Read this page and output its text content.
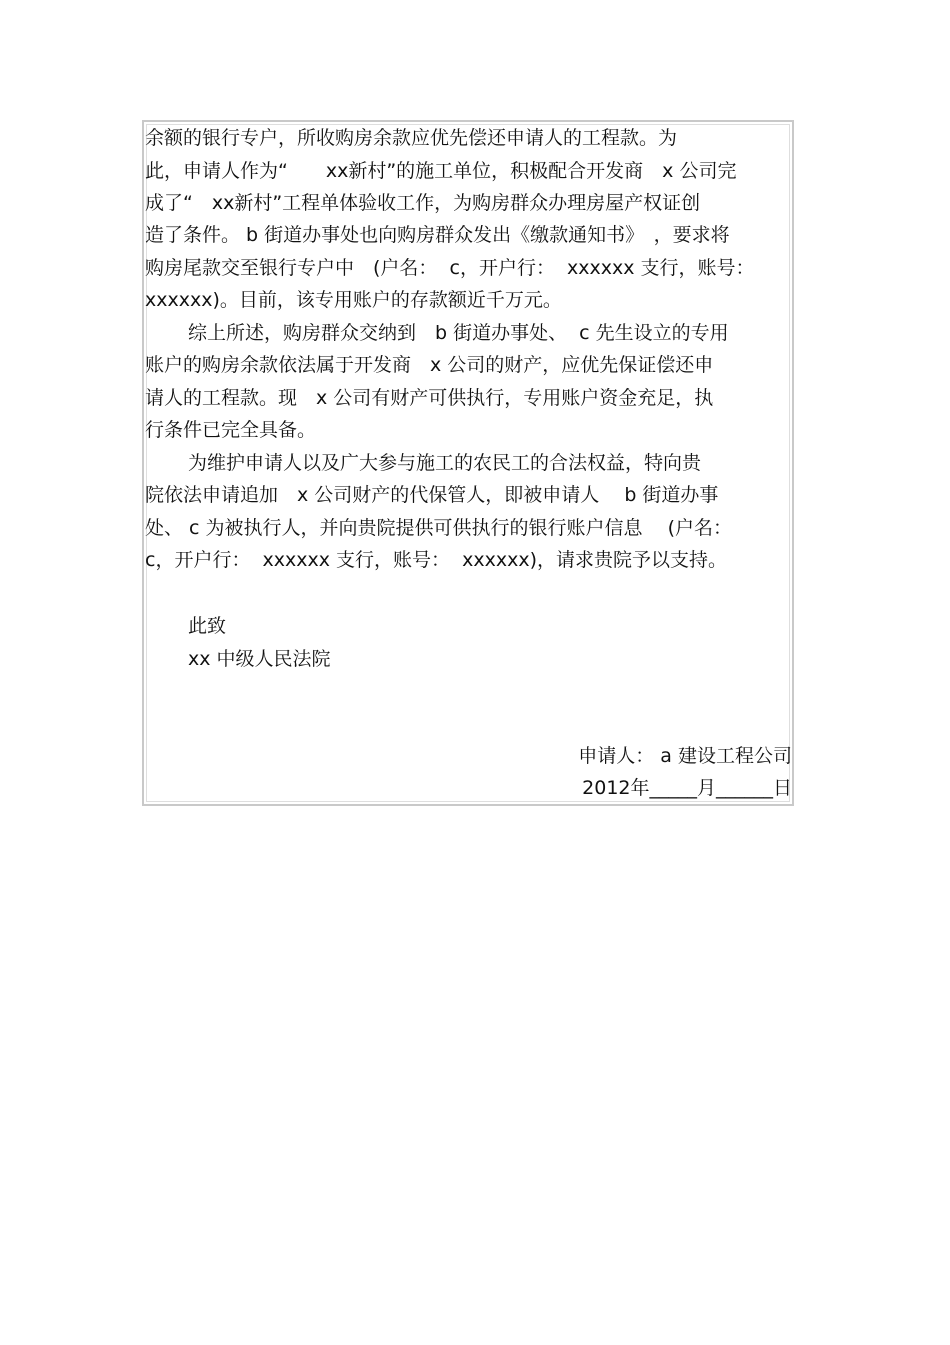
余额的银行专户，所收购房余款应优先偿还申请人的工程款。为
此，申请人作为“　　xx新村”的施工单位，积极配合开发商　x 公司完
成了“　xx新村”工程单体验收工作，为购房群众办理房屋产权证创
造了条件。 b 街道办事处也向购房群众发出《缴款通知书》　，要求将
购房尾款交至银行专户中　(户名：  c，开户行：  xxxxxx 支行，账号：
xxxxxx)。目前，该专用账户的存款额近千万元。
综上所述，购房群众交纳到　b 街道办事处、  c 先生设立的专用
账户的购房余款依法属于开发商　x 公司的财产，应优先保证偿还申
请人的工程款。现　x 公司有财产可供执行，专用账户资金充足，执
行条件已完全具备。
为维护申请人以及广大参与施工的农民工的合法权益，特向贵
院依法申请追加　x 公司财产的代保管人，即被申请人　 b 街道办事
处、 c 为被执行人，并向贵院提供可供执行的银行账户信息　 (户名：
c，开户行：  xxxxxx 支行，账号：  xxxxxx)，请求贵院予以支持。
此致
xx 中级人民法院
申请人： a 建设工程公司
2012年_____月______日
